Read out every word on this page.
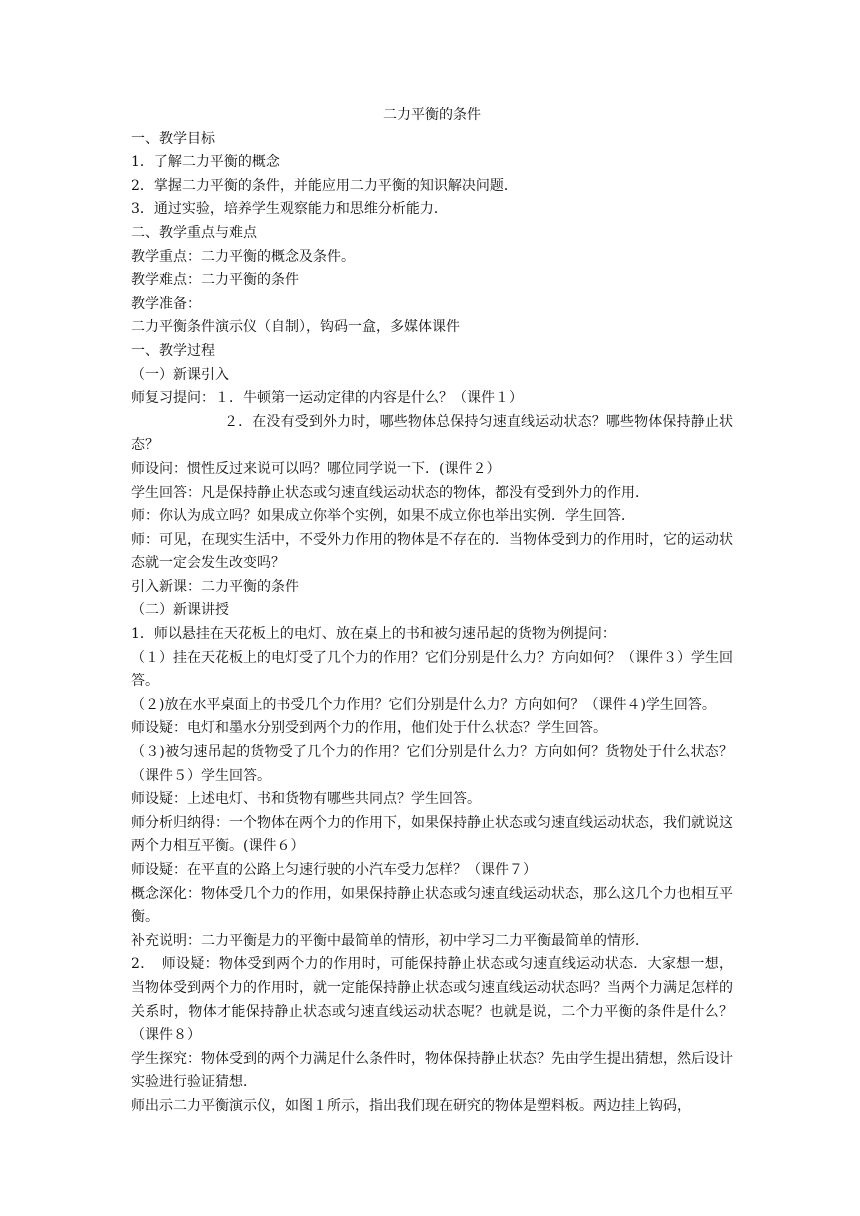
二力平衡的条件
一、教学目标
1．了解二力平衡的概念
2．掌握二力平衡的条件，并能应用二力平衡的知识解决问题．
3．通过实验，培养学生观察能力和思维分析能力．
二、教学重点与难点
教学重点：二力平衡的概念及条件。
教学难点：二力平衡的条件
教学准备：
二力平衡条件演示仪（自制），钩码一盒，多媒体课件
一、教学过程
（一）新课引入
师复习提问：１．牛顿第一运动定律的内容是什么？（课件１）

２．在没有受到外力时，哪些物体总保持匀速直线运动状态？哪些物体保持静止状态？

师设问：惯性反过来说可以吗？哪位同学说一下．(课件２）

学生回答：凡是保持静止状态或匀速直线运动状态的物体，都没有受到外力的作用．

师：你认为成立吗？如果成立你举个实例，如果不成立你也举出实例．学生回答．

师：可见，在现实生活中，不受外力作用的物体是不存在的．当物体受到力的作用时，它的运动状态就一定会发生改变吗？

引入新课：二力平衡的条件

（二）新课讲授

1．师以悬挂在天花板上的电灯、放在桌上的书和被匀速吊起的货物为例提问：

（１）挂在天花板上的电灯受了几个力的作用？它们分别是什么力？方向如何？（课件３）学生回答。

（２)放在水平桌面上的书受几个力作用？它们分别是什么力？方向如何？（课件４)学生回答。

师设疑：电灯和墨水分别受到两个力的作用，他们处于什么状态？学生回答。

（３)被匀速吊起的货物受了几个力的作用？它们分别是什么力？方向如何？货物处于什么状态？（课件５）学生回答。

师设疑：上述电灯、书和货物有哪些共同点？学生回答。

师分析归纳得：一个物体在两个力的作用下，如果保持静止状态或匀速直线运动状态，我们就说这两个力相互平衡。(课件６）

师设疑：在平直的公路上匀速行驶的小汽车受力怎样？（课件７）

概念深化：物体受几个力的作用，如果保持静止状态或匀速直线运动状态，那么这几个力也相互平衡。

补充说明：二力平衡是力的平衡中最简单的情形，初中学习二力平衡最简单的情形．

2．　师设疑：物体受到两个力的作用时，可能保持静止状态或匀速直线运动状态．大家想一想，当物体受到两个力的作用时，就一定能保持静止状态或匀速直线运动状态吗？当两个力满足怎样的关系时，物体才能保持静止状态或匀速直线运动状态呢？也就是说，二个力平衡的条件是什么？（课件８）

学生探究：物体受到的两个力满足什么条件时，物体保持静止状态？先由学生提出猜想，然后设计实验进行验证猜想．

师出示二力平衡演示仪，如图１所示，指出我们现在研究的物体是塑料板。两边挂上钩码，
